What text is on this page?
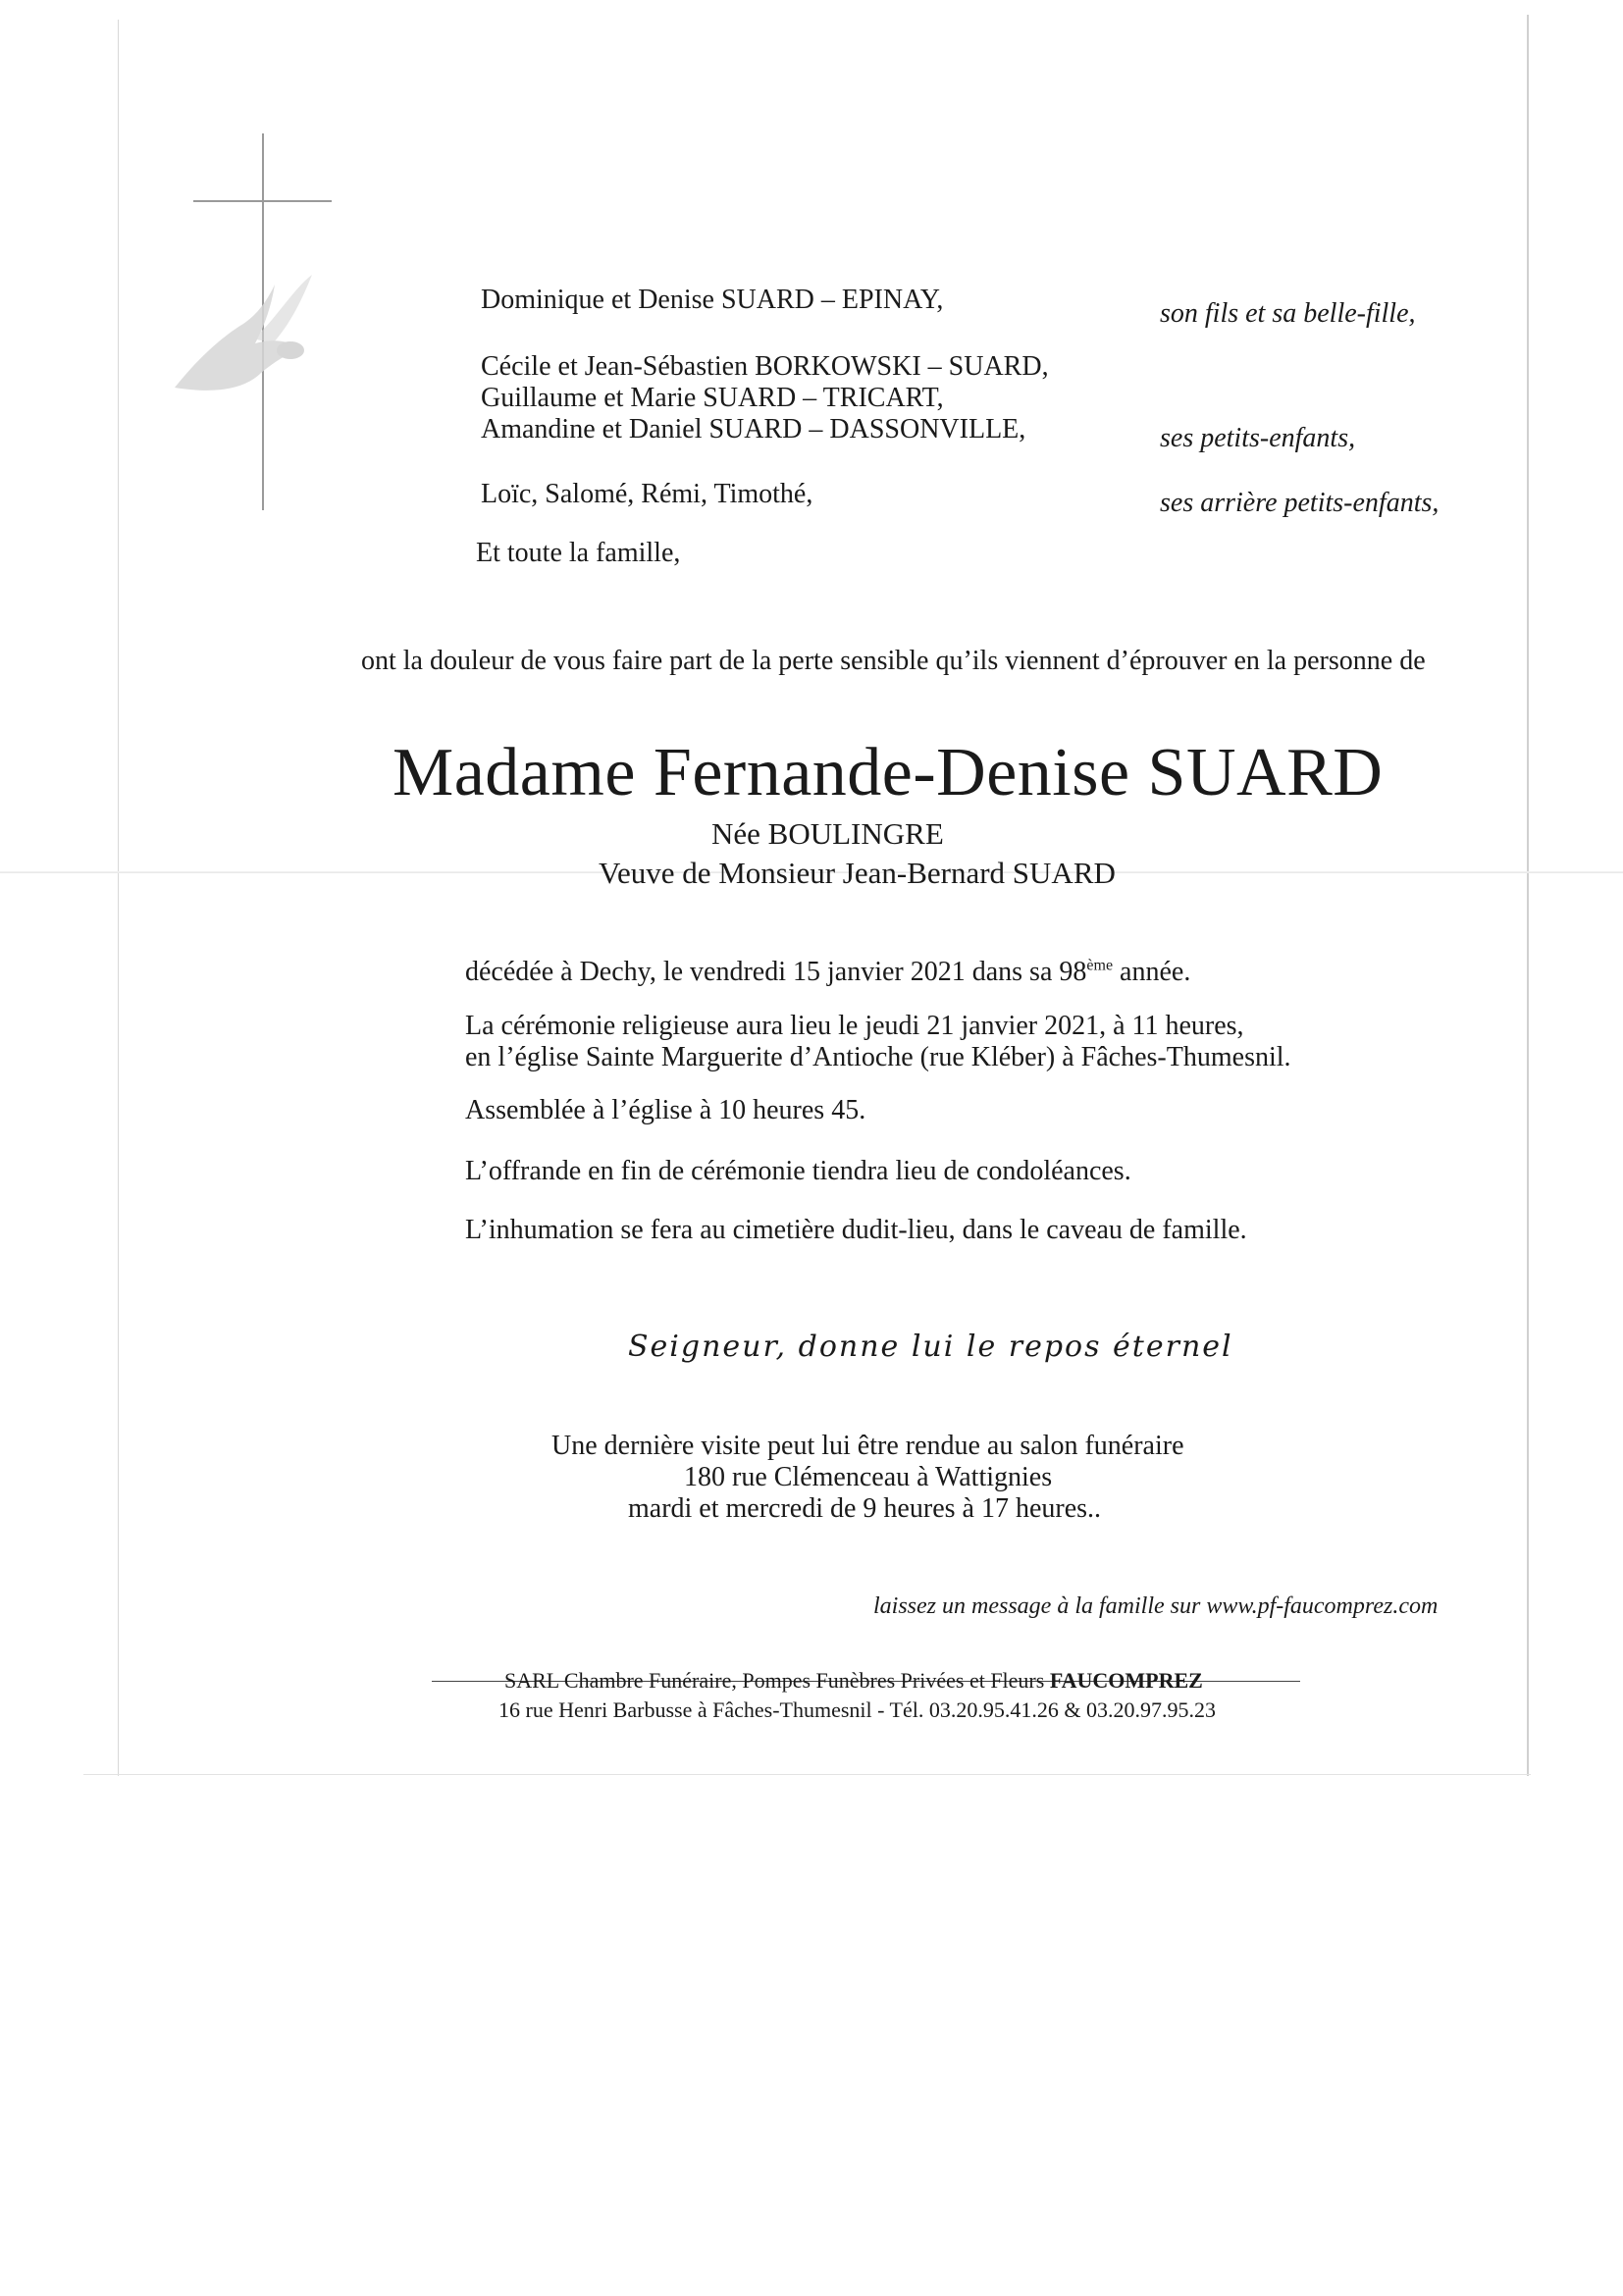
Dominique et Denise SUARD – EPINAY,	son fils et sa belle-fille,
Cécile et Jean-Sébastien BORKOWSKI – SUARD,
Guillaume et Marie SUARD – TRICART,
Amandine et Daniel SUARD – DASSONVILLE,	ses petits-enfants,
Loïc, Salomé, Rémi, Timothé,	ses arrière petits-enfants,
Et toute la famille,
ont la douleur de vous faire part de la perte sensible qu’ils viennent d’éprouver en la personne de
Madame Fernande-Denise SUARD
Née BOULINGRE
Veuve de Monsieur Jean-Bernard SUARD
décédée à Dechy, le vendredi 15 janvier 2021 dans sa 98ème année.
La cérémonie religieuse aura lieu le jeudi 21 janvier 2021, à 11 heures,
en l’église Sainte Marguerite d’Antioche (rue Kléber) à Fâches-Thumesnil.
Assemblée à l’église à 10 heures 45.
L’offrande en fin de cérémonie tiendra lieu de condoléances.
L’inhumation se fera au cimetière dudit-lieu, dans le caveau de famille.
Seigneur, donne lui le repos éternel
Une dernière visite peut lui être rendue au salon funéraire
180 rue Clémenceau à Wattignies
mardi et mercredi de 9 heures à 17 heures..
laissez un message à la famille sur www.pf-faucomprez.com
SARL Chambre Funéraire, Pompes Funèbres Privées et Fleurs FAUCOMPREZ
16 rue Henri Barbusse à Fâches-Thumesnil - Tél. 03.20.95.41.26 & 03.20.97.95.23
